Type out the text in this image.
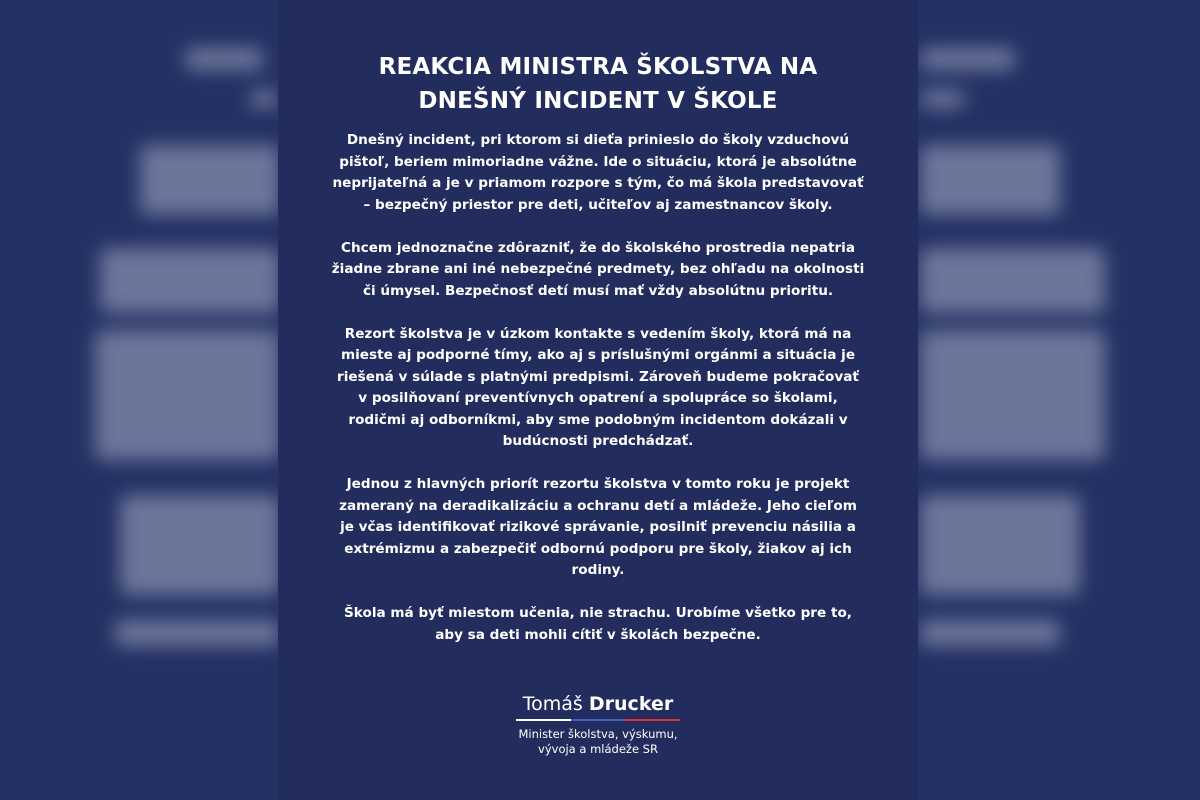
REAKCIA MINISTRA ŠKOLSTVA NA
DNEŠNÝ INCIDENT V ŠKOLE

Dnešný incident, pri ktorom si dieťa prinieslo do školy vzduchovú
pištoľ, beriem mimoriadne vážne. Ide o situáciu, ktorá je absolútne
neprijateľná a je v priamom rozpore s tým, čo má škola predstavovať
– bezpečný priestor pre deti, učiteľov aj zamestnancov školy.

Chcem jednoznačne zdôrazniť, že do školského prostredia nepatria
žiadne zbrane ani iné nebezpečné predmety, bez ohľadu na okolnosti
či úmysel. Bezpečnosť detí musí mať vždy absolútnu prioritu.

Rezort školstva je v úzkom kontakte s vedením školy, ktorá má na
mieste aj podporné tímy, ako aj s príslušnými orgánmi a situácia je
riešená v súlade s platnými predpismi. Zároveň budeme pokračovať
v posilňovaní preventívnych opatrení a spolupráce so školami,
rodičmi aj odborníkmi, aby sme podobným incidentom dokázali v
budúcnosti predchádzať.

Jednou z hlavných priorít rezortu školstva v tomto roku je projekt
zameraný na deradikalizáciu a ochranu detí a mládeže. Jeho cieľom
je včas identifikovať rizikové správanie, posilniť prevenciu násilia a
extrémizmu a zabezpečiť odbornú podporu pre školy, žiakov aj ich
rodiny.

Škola má byť miestom učenia, nie strachu. Urobíme všetko pre to,
aby sa deti mohli cítiť v školách bezpečne.

Tomáš Drucker
Minister školstva, výskumu,
vývoja a mládeže SR
